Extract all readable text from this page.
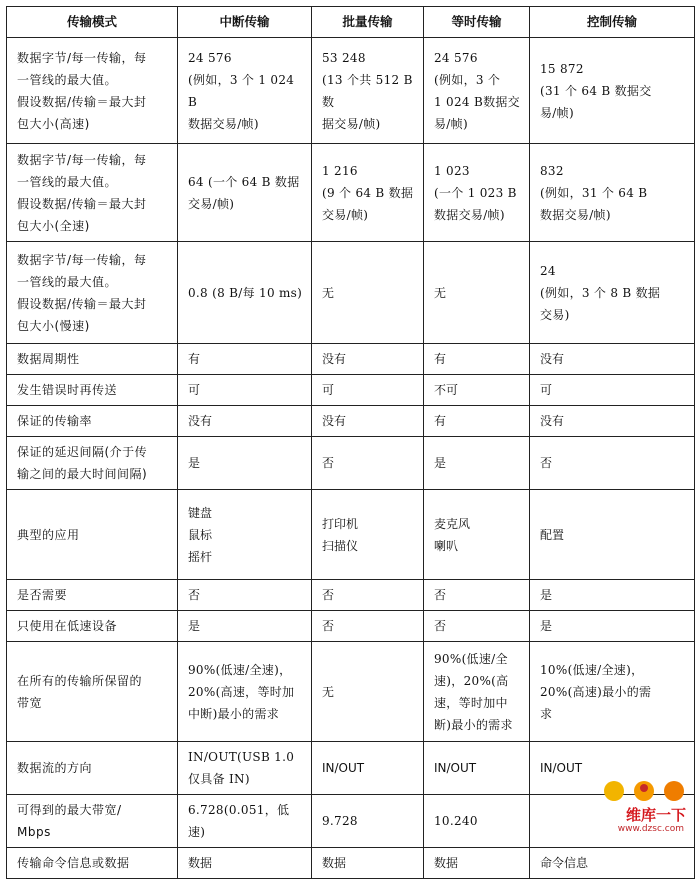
传输模式	中断传输	批量传输	等时传输	控制传输
数据字节/每一传输，每
一管线的最大值。
假设数据/传输＝最大封
包大小(高速)	24 576
(例如，3 个 1 024 B
数据交易/帧)	53 248
(13 个共 512 B 数
据交易/帧)	24 576
(例如，3 个
1 024 B数据交
易/帧)	15 872
(31 个 64 B 数据交
易/帧)
数据字节/每一传输，每
一管线的最大值。
假设数据/传输＝最大封
包大小(全速)	64 (一个 64 B 数据
交易/帧)	1 216
(9 个 64 B 数据
交易/帧)	1 023
(一个 1 023 B
数据交易/帧)	832
(例如，31 个 64 B
数据交易/帧)
数据字节/每一传输，每
一管线的最大值。
假设数据/传输＝最大封
包大小(慢速)	0.8 (8 B/每 10 ms)	无	无	24
(例如，3 个 8 B 数据
交易)
数据周期性	有	没有	有	没有
发生错误时再传送	可	可	不可	可
保证的传输率	没有	没有	有	没有
保证的延迟间隔(介于传
输之间的最大时间间隔)	是	否	是	否
典型的应用	键盘
鼠标
摇杆	打印机
扫描仪	麦克风
喇叭	配置
是否需要	否	否	否	是
只使用在低速设备	是	否	否	是
在所有的传输所保留的
带宽	90%(低速/全速)，
20%(高速，等时加
中断)最小的需求	无	90%(低速/全
速)，20%(高
速，等时加中
断)最小的需求	10%(低速/全速)，
20%(高速)最小的需
求
数据流的方向	IN/OUT(USB 1.0
仅具备 IN)	IN/OUT	IN/OUT	IN/OUT
可得到的最大带宽/
Mbps	6.728(0.051，低速)	9.728	10.240	
传输命令信息或数据	数据	数据	数据	命令信息
维库一下
www.dzsc.com
